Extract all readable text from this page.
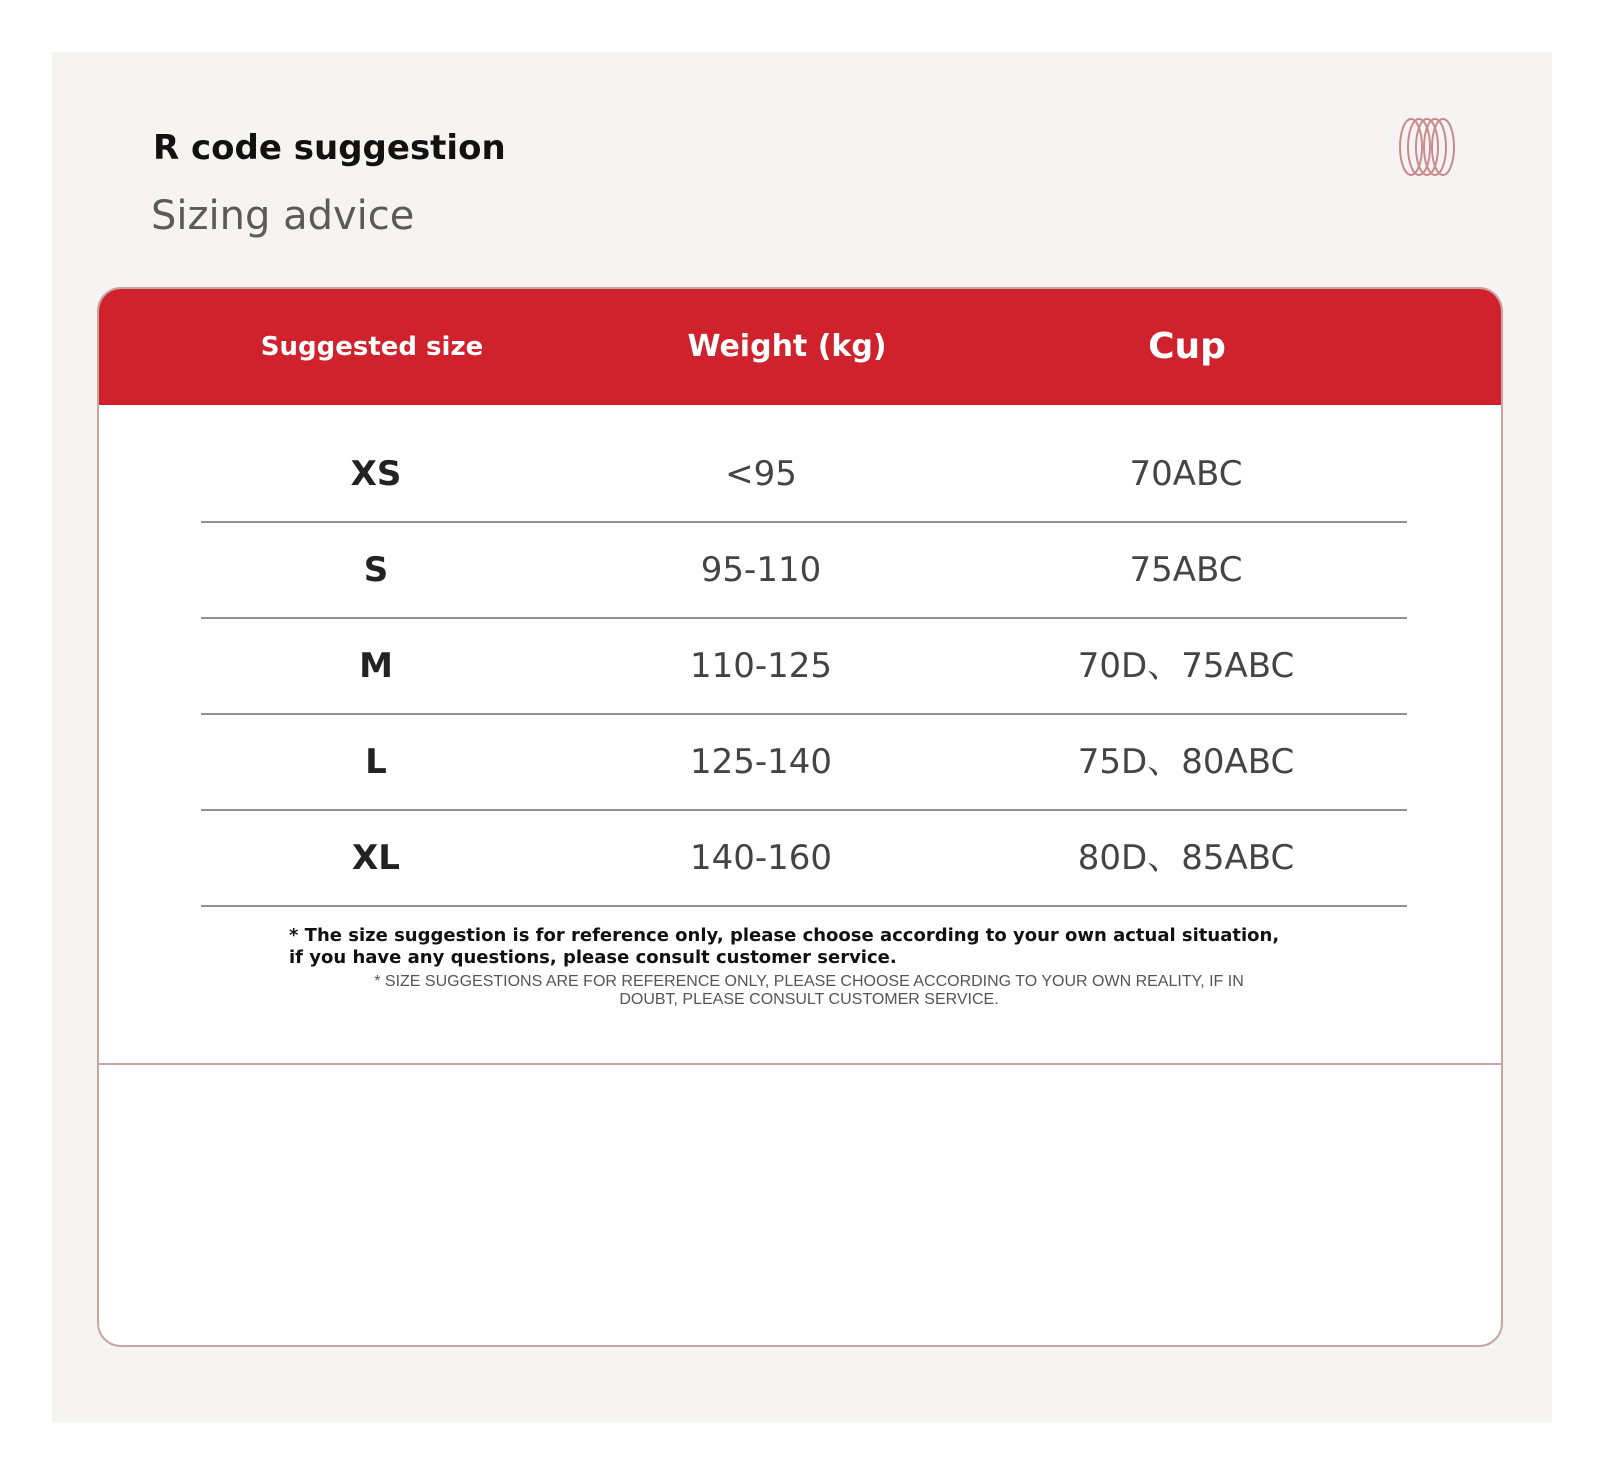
R code suggestion
Sizing advice
Suggested size	Weight (kg)	Cup
XS	<95	70ABC
S	95-110	75ABC
M	110-125	70D、75ABC
L	125-140	75D、80ABC
XL	140-160	80D、85ABC
* The size suggestion is for reference only, please choose according to your own actual situation, if you have any questions, please consult customer service.
* SIZE SUGGESTIONS ARE FOR REFERENCE ONLY, PLEASE CHOOSE ACCORDING TO YOUR OWN REALITY, IF IN DOUBT, PLEASE CONSULT CUSTOMER SERVICE.
